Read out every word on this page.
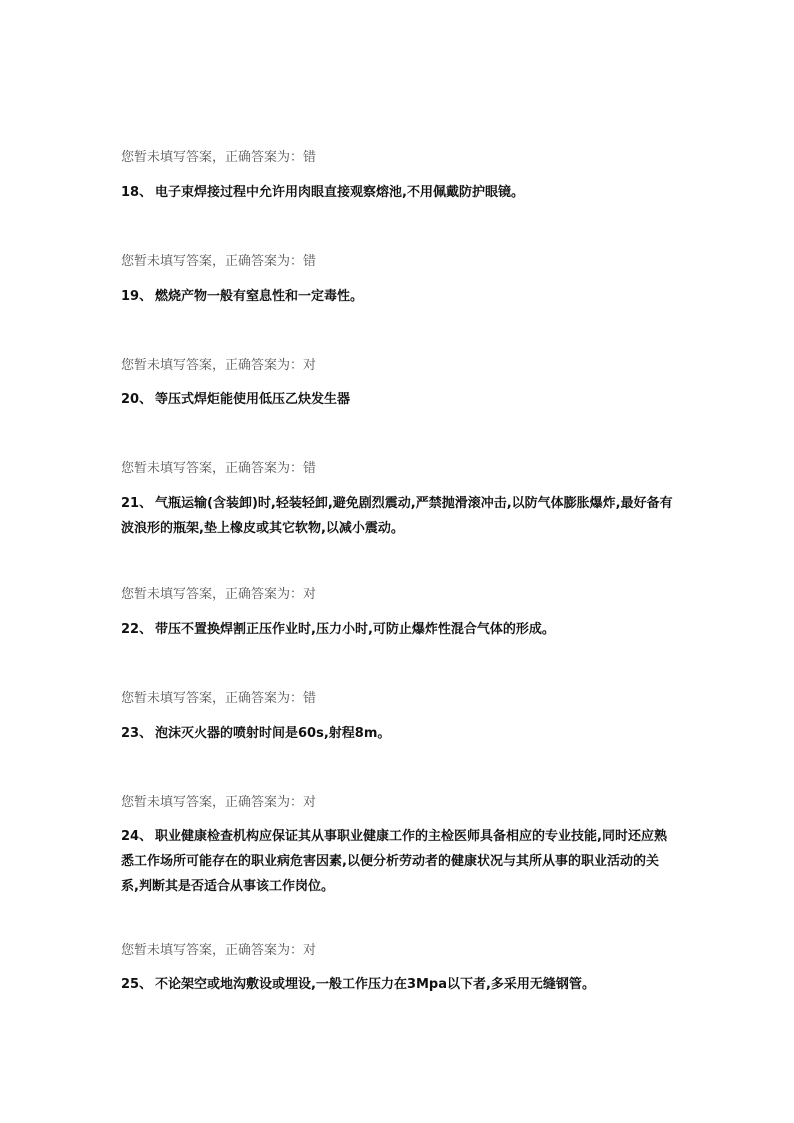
您暂未填写答案，正确答案为：错
18、 电子束焊接过程中允许用肉眼直接观察熔池,不用佩戴防护眼镜。
您暂未填写答案，正确答案为：错
19、 燃烧产物一般有窒息性和一定毒性。
您暂未填写答案，正确答案为：对
20、 等压式焊炬能使用低压乙炔发生器
您暂未填写答案，正确答案为：错
21、 气瓶运输(含装卸)时,轻装轻卸,避免剧烈震动,严禁抛滑滚冲击,以防气体膨胀爆炸,最好备有波浪形的瓶架,垫上橡皮或其它软物,以减小震动。
您暂未填写答案，正确答案为：对
22、 带压不置换焊割正压作业时,压力小时,可防止爆炸性混合气体的形成。
您暂未填写答案，正确答案为：错
23、 泡沫灭火器的喷射时间是60s,射程8m。
您暂未填写答案，正确答案为：对
24、 职业健康检查机构应保证其从事职业健康工作的主检医师具备相应的专业技能,同时还应熟悉工作场所可能存在的职业病危害因素,以便分析劳动者的健康状况与其所从事的职业活动的关系,判断其是否适合从事该工作岗位。
您暂未填写答案，正确答案为：对
25、 不论架空或地沟敷设或埋设,一般工作压力在3Mpa以下者,多采用无缝钢管。
